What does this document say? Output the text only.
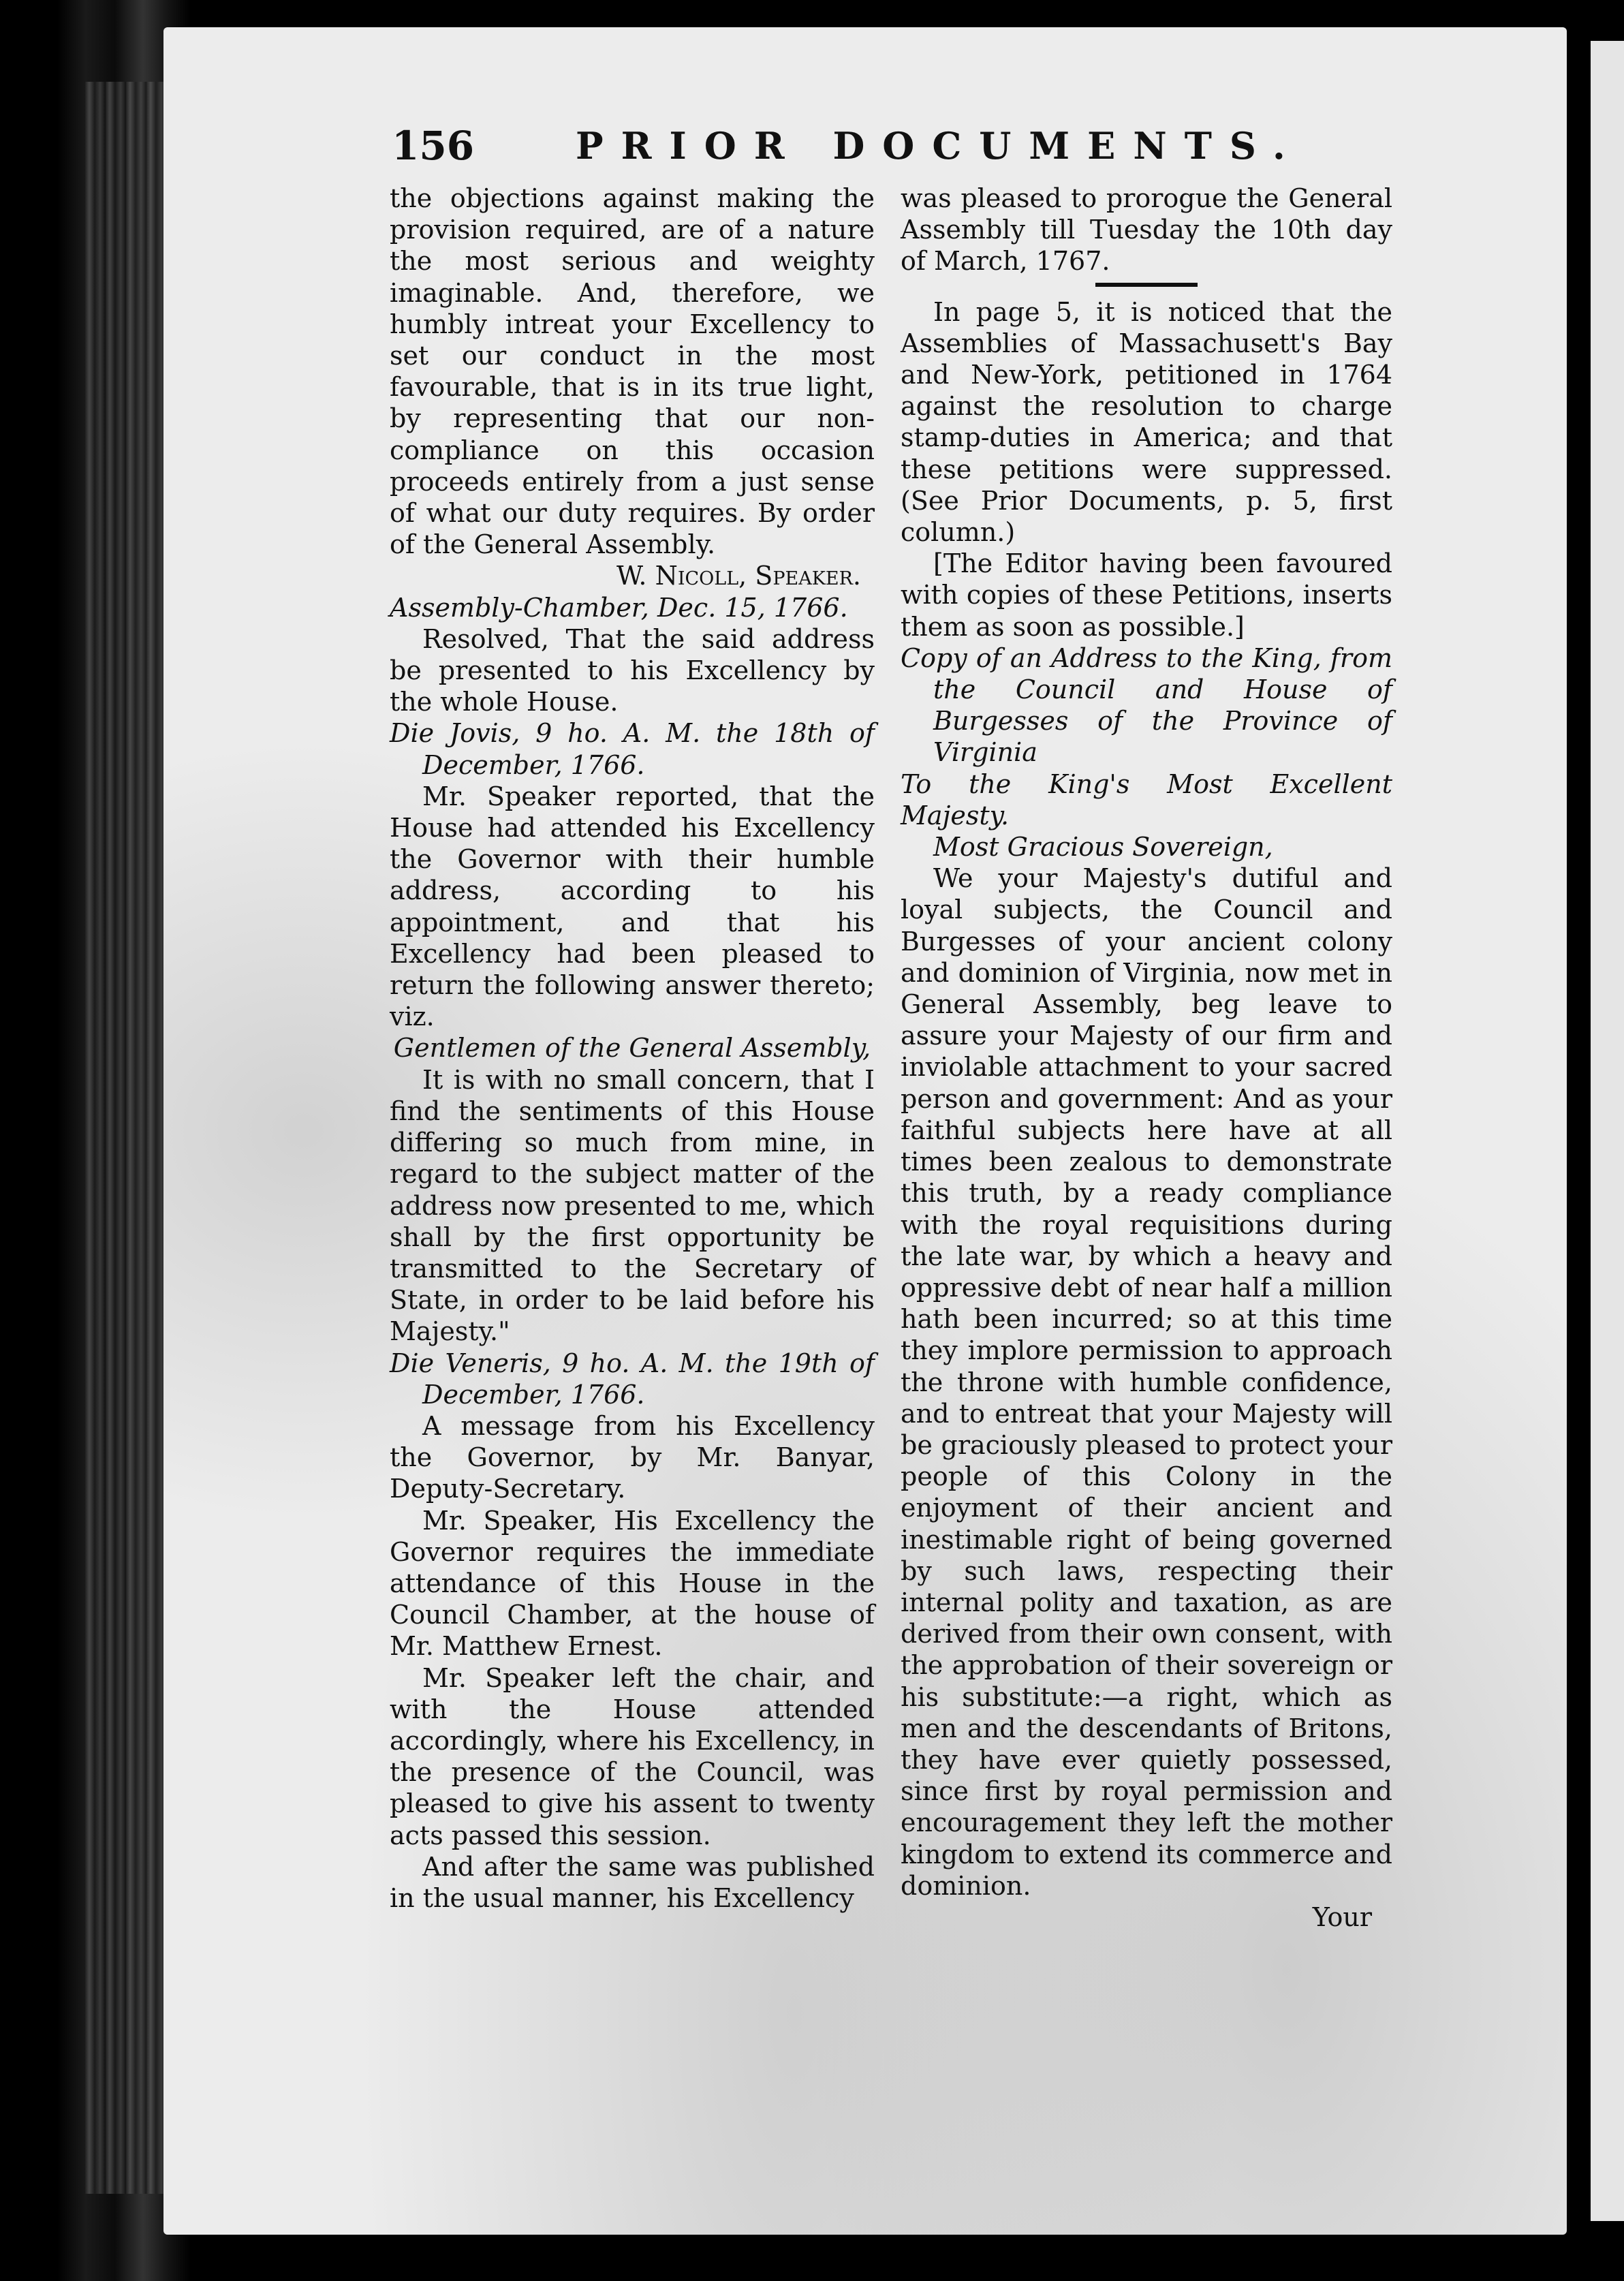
156	PRIOR DOCUMENTS.

the objections against making the provision required, are of a nature the most serious and weighty imaginable. And, therefore, we humbly intreat your Excellency to set our conduct in the most favourable, that is in its true light, by representing that our non-compliance on this occasion proceeds entirely from a just sense of what our duty requires. By order of the General Assembly.

W. Nicoll, Speaker.

Assembly-Chamber, Dec. 15, 1766.

Resolved, That the said address be presented to his Excellency by the whole House.

Die Jovis, 9 ho. A. M. the 18th of December, 1766.

Mr. Speaker reported, that the House had attended his Excellency the Governor with their humble address, according to his appointment, and that his Excellency had been pleased to return the following answer thereto; viz.

Gentlemen of the General Assembly,

It is with no small concern, that I find the sentiments of this House differing so much from mine, in regard to the subject matter of the address now presented to me, which shall by the first opportunity be transmitted to the Secretary of State, in order to be laid before his Majesty."

Die Veneris, 9 ho. A. M. the 19th of December, 1766.

A message from his Excellency the Governor, by Mr. Banyar, Deputy-Secretary.

Mr. Speaker, His Excellency the Governor requires the immediate attendance of this House in the Council Chamber, at the house of Mr. Matthew Ernest.

Mr. Speaker left the chair, and with the House attended accordingly, where his Excellency, in the presence of the Council, was pleased to give his assent to twenty acts passed this session.

And after the same was published in the usual manner, his Excellency

was pleased to prorogue the General Assembly till Tuesday the 10th day of March, 1767.

In page 5, it is noticed that the Assemblies of Massachusett's Bay and New-York, petitioned in 1764 against the resolution to charge stamp-duties in America; and that these petitions were suppressed. (See Prior Documents, p. 5, first column.)

[The Editor having been favoured with copies of these Petitions, inserts them as soon as possible.]

Copy of an Address to the King, from the Council and House of Burgesses of the Province of Virginia

To the King's Most Excellent Majesty.

Most Gracious Sovereign,

We your Majesty's dutiful and loyal subjects, the Council and Burgesses of your ancient colony and dominion of Virginia, now met in General Assembly, beg leave to assure your Majesty of our firm and inviolable attachment to your sacred person and government: And as your faithful subjects here have at all times been zealous to demonstrate this truth, by a ready compliance with the royal requisitions during the late war, by which a heavy and oppressive debt of near half a million hath been incurred; so at this time they implore permission to approach the throne with humble confidence, and to entreat that your Majesty will be graciously pleased to protect your people of this Colony in the enjoyment of their ancient and inestimable right of being governed by such laws, respecting their internal polity and taxation, as are derived from their own consent, with the approbation of their sovereign or his substitute:—a right, which as men and the descendants of Britons, they have ever quietly possessed, since first by royal permission and encouragement they left the mother kingdom to extend its commerce and dominion.

Your
